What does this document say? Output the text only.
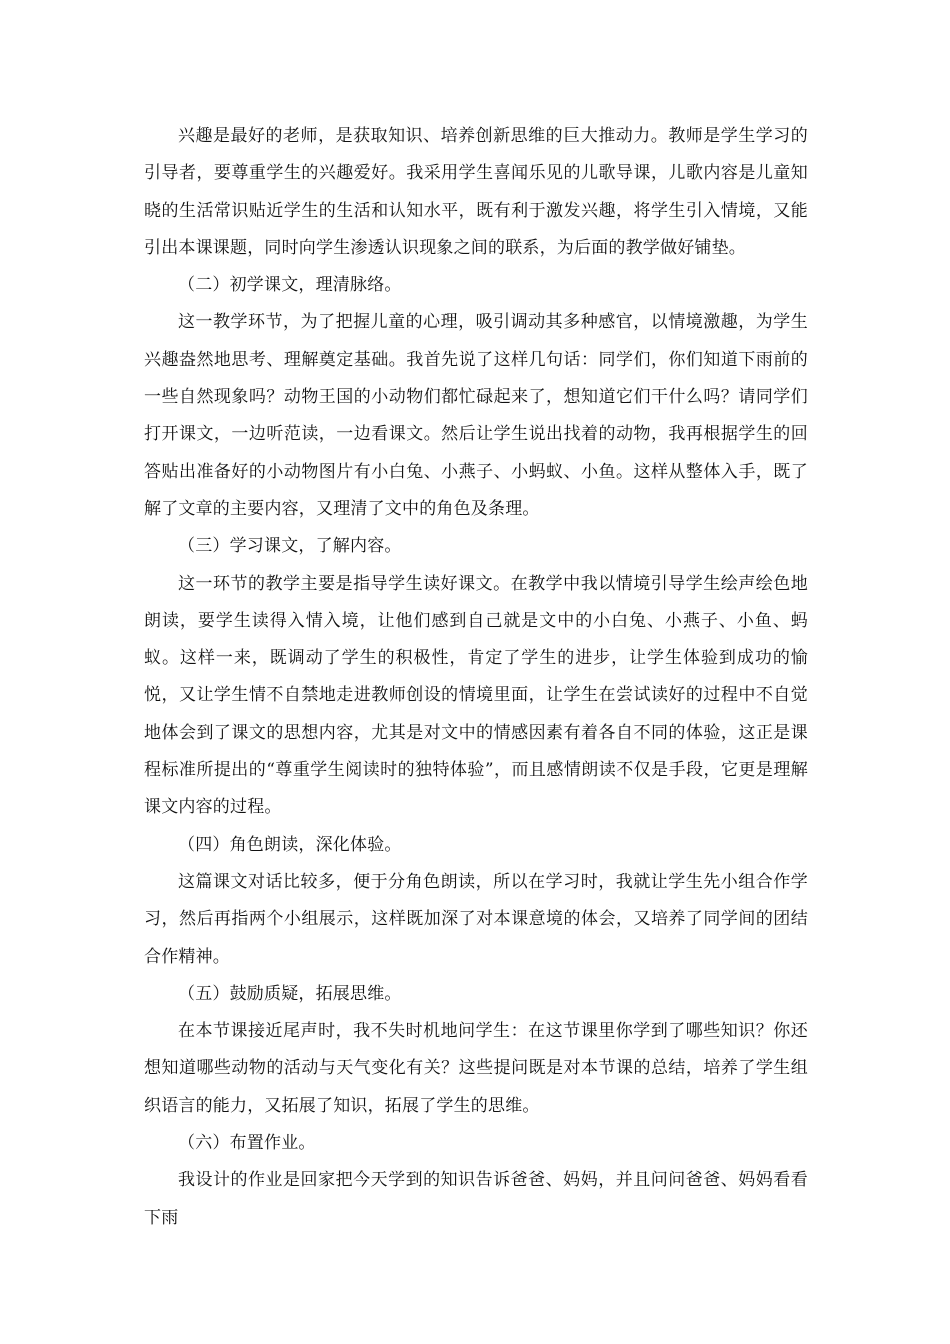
兴趣是最好的老师，是获取知识、培养创新思维的巨大推动力。教师是学生学习的引导者，要尊重学生的兴趣爱好。我采用学生喜闻乐见的儿歌导课，儿歌内容是儿童知晓的生活常识贴近学生的生活和认知水平，既有利于激发兴趣，将学生引入情境，又能引出本课课题，同时向学生渗透认识现象之间的联系，为后面的教学做好铺垫。

（二）初学课文，理清脉络。

这一教学环节，为了把握儿童的心理，吸引调动其多种感官，以情境激趣，为学生兴趣盎然地思考、理解奠定基础。我首先说了这样几句话：同学们，你们知道下雨前的一些自然现象吗？动物王国的小动物们都忙碌起来了，想知道它们干什么吗？请同学们打开课文，一边听范读，一边看课文。然后让学生说出找着的动物，我再根据学生的回答贴出准备好的小动物图片有小白兔、小燕子、小蚂蚁、小鱼。这样从整体入手，既了解了文章的主要内容，又理清了文中的角色及条理。

（三）学习课文，了解内容。

这一环节的教学主要是指导学生读好课文。在教学中我以情境引导学生绘声绘色地朗读，要学生读得入情入境，让他们感到自己就是文中的小白兔、小燕子、小鱼、蚂蚁。这样一来，既调动了学生的积极性，肯定了学生的进步，让学生体验到成功的愉悦，又让学生情不自禁地走进教师创设的情境里面，让学生在尝试读好的过程中不自觉地体会到了课文的思想内容，尤其是对文中的情感因素有着各自不同的体验，这正是课程标准所提出的“尊重学生阅读时的独特体验”，而且感情朗读不仅是手段，它更是理解课文内容的过程。

（四）角色朗读，深化体验。

这篇课文对话比较多，便于分角色朗读，所以在学习时，我就让学生先小组合作学习，然后再指两个小组展示，这样既加深了对本课意境的体会，又培养了同学间的团结合作精神。

（五）鼓励质疑，拓展思维。

在本节课接近尾声时，我不失时机地问学生：在这节课里你学到了哪些知识？你还想知道哪些动物的活动与天气变化有关？这些提问既是对本节课的总结，培养了学生组织语言的能力，又拓展了知识，拓展了学生的思维。

（六）布置作业。

我设计的作业是回家把今天学到的知识告诉爸爸、妈妈，并且问问爸爸、妈妈看看下雨
